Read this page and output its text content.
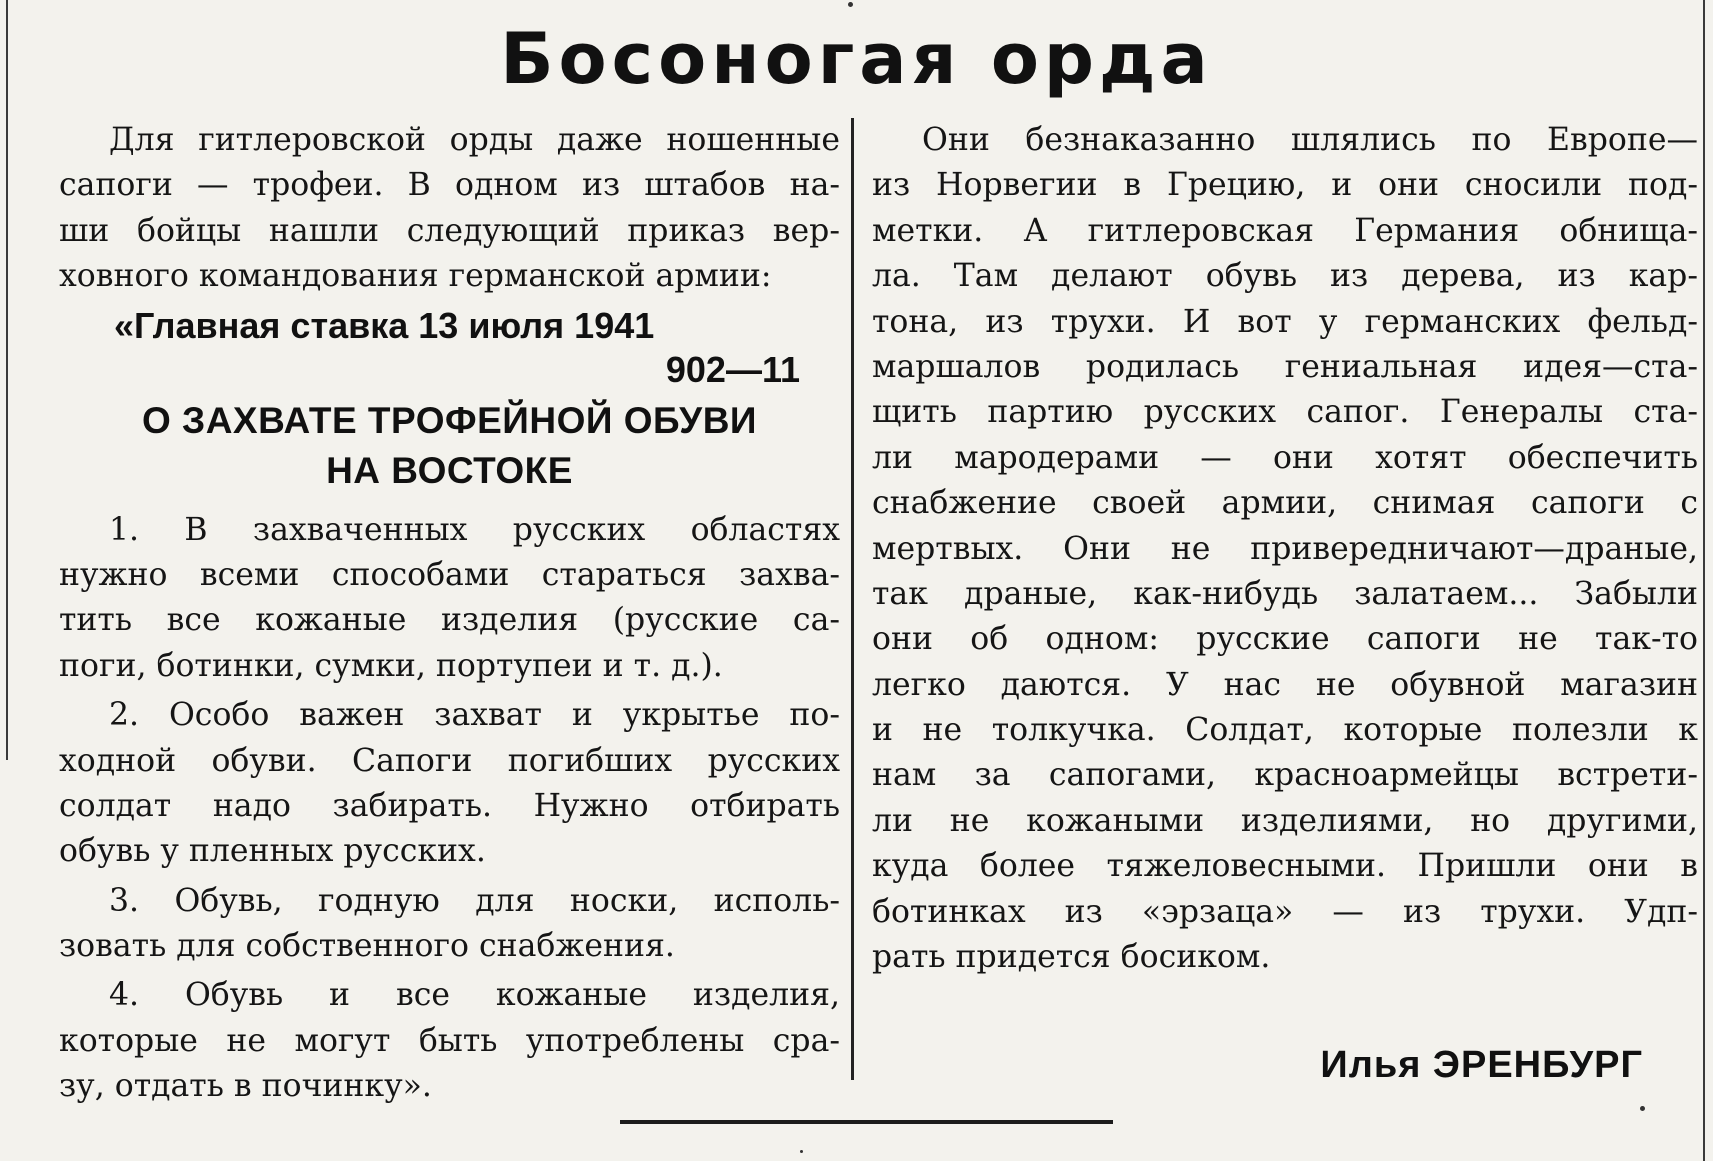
Босоногая орда
Для гитлеровской орды даже ношенные
сапоги — трофеи. В одном из штабов на-
ши бойцы нашли следующий приказ вер-
ховного командования германской армии:
«Главная ставка 13 июля 1941
902—11
О ЗАХВАТЕ ТРОФЕЙНОЙ ОБУВИ
НА ВОСТОКЕ
1. В захваченных русских областях
нужно всеми способами стараться захва-
тить все кожаные изделия (русские са-
поги, ботинки, сумки, портупеи и т. д.).
2. Особо важен захват и укрытье по-
ходной обуви. Сапоги погибших русских
солдат надо забирать. Нужно отбирать
обувь у пленных русских.
3. Обувь, годную для носки, исполь-
зовать для собственного снабжения.
4. Обувь и все кожаные изделия,
которые не могут быть употреблены сра-
зу, отдать в починку».
Они безнаказанно шлялись по Европе—
из Норвегии в Грецию, и они сносили под-
метки. А гитлеровская Германия обнища-
ла. Там делают обувь из дерева, из кар-
тона, из трухи. И вот у германских фельд-
маршалов родилась гениальная идея—ста-
щить партию русских сапог. Генералы ста-
ли мародерами — они хотят обеспечить
снабжение своей армии, снимая сапоги с
мертвых. Они не привередничают—драные,
так драные, как-нибудь залатаем... Забыли
они об одном: русские сапоги не так-то
легко даются. У нас не обувной магазин
и не толкучка. Солдат, которые полезли к
нам за сапогами, красноармейцы встрети-
ли не кожаными изделиями, но другими,
куда более тяжеловесными. Пришли они в
ботинках из «эрзаца» — из трухи. Удп-
рать придется босиком.
Илья ЭРЕНБУРГ
